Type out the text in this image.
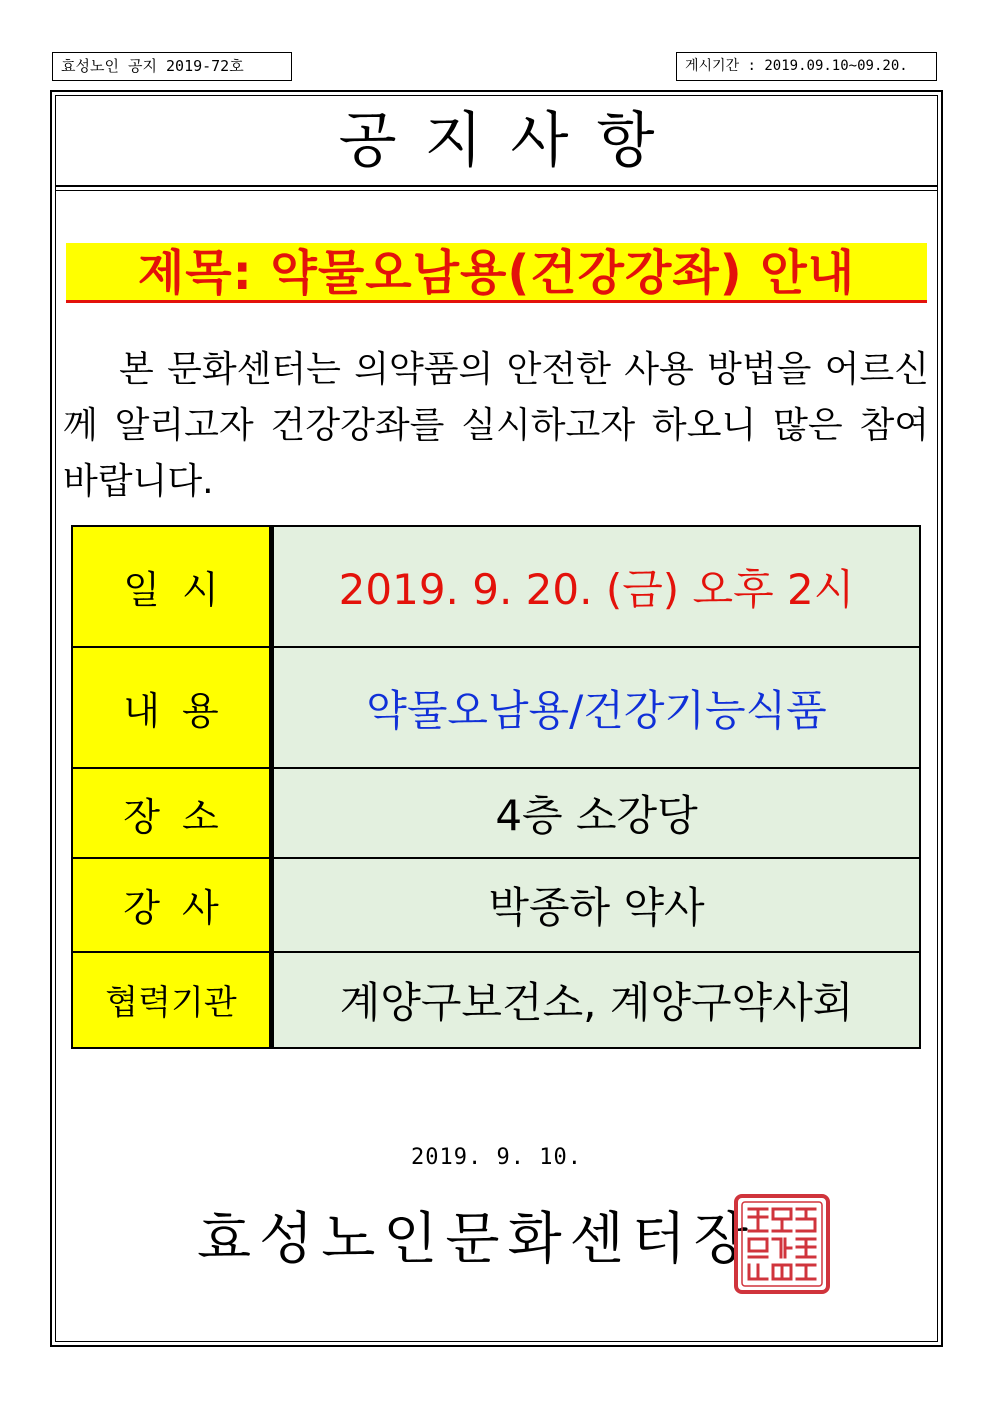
효성노인 공지 2019-72호	게시기간 : 2019.09.10~09.20.
공지사항
제목: 약물오남용(건강강좌) 안내

본 문화센터는 의약품의 안전한 사용 방법을 어르신께 알리고자 건강강좌를 실시하고자 하오니 많은 참여 바랍니다.

일시	2019. 9. 20. (금) 오후 2시
내용	약물오남용/건강기능식품
장소	4층 소강당
강사	박종하 약사
협력기관	계양구보건소, 계양구약사회
2019. 9. 10.
효성노인문화센터장
